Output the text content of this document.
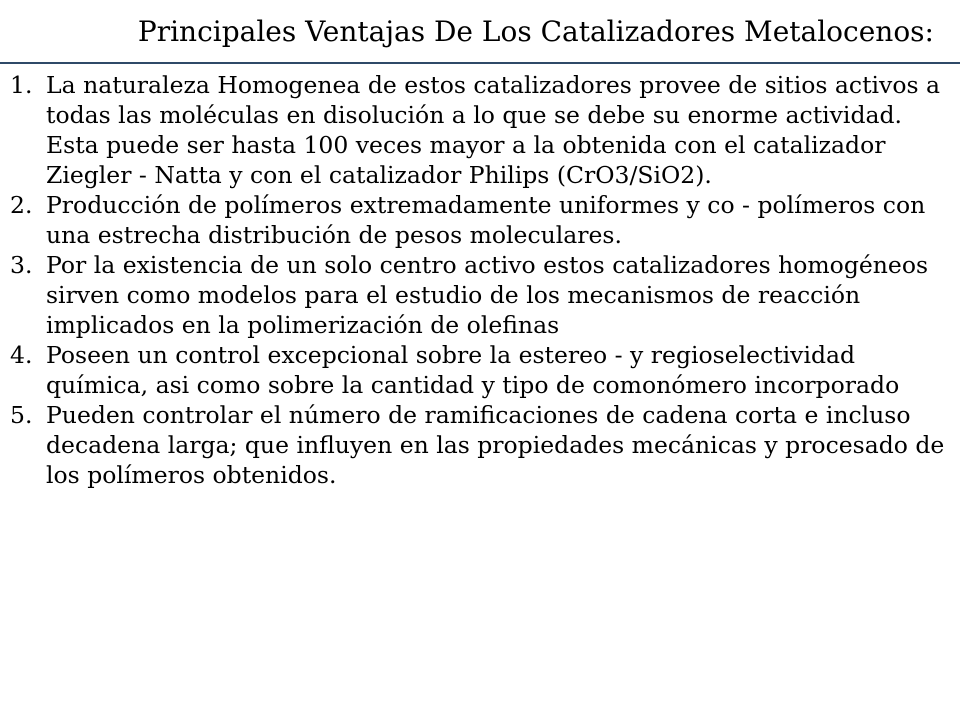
Principales Ventajas De Los Catalizadores Metalocenos:
1. La naturaleza Homogenea de estos catalizadores provee de sitios activos a todas las moléculas en disolución a lo que se debe su enorme actividad. Esta puede ser hasta 100 veces mayor a la obtenida con el catalizador Ziegler - Natta y con el catalizador Philips (CrO3/SiO2).
2. Producción de polímeros extremadamente uniformes y co - polímeros con una estrecha distribución de pesos moleculares.
3. Por la existencia de un solo centro activo estos catalizadores homogéneos sirven como modelos para el estudio de los mecanismos de reacción implicados en la polimerización de olefinas
4. Poseen un control excepcional sobre la estereo - y regioselectividad química, asi como sobre la cantidad y tipo de comonómero incorporado
5. Pueden controlar el número de ramificaciones de cadena corta e incluso decadena larga; que influyen en las propiedades mecánicas y procesado de los polímeros obtenidos.
